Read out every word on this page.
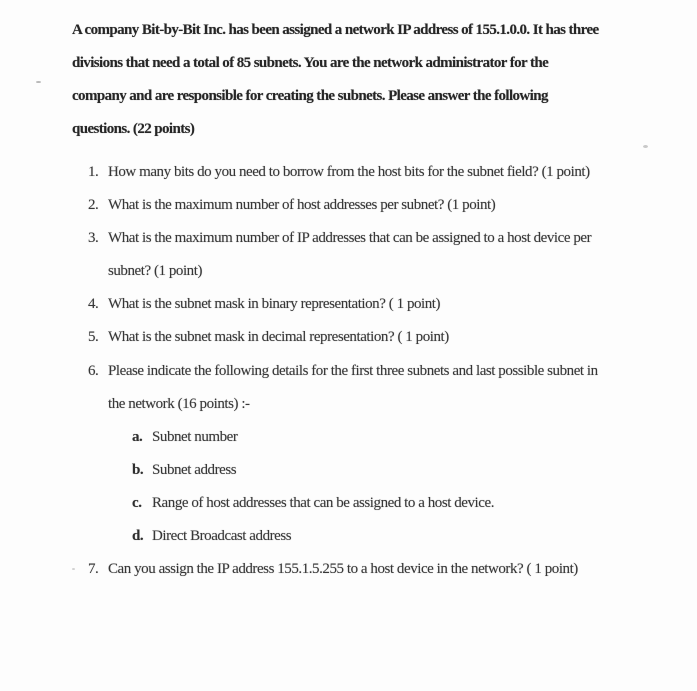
A company Bit-by-Bit Inc. has been assigned a network IP address of 155.1.0.0. It has three
divisions that need a total of 85 subnets. You are the network administrator for the
company and are responsible for creating the subnets. Please answer the following
questions. (22 points)
1. How many bits do you need to borrow from the host bits for the subnet field? (1 point)
2. What is the maximum number of host addresses per subnet? (1 point)
3. What is the maximum number of IP addresses that can be assigned to a host device per
subnet? (1 point)
4. What is the subnet mask in binary representation? ( 1 point)
5. What is the subnet mask in decimal representation? ( 1 point)
6. Please indicate the following details for the first three subnets and last possible subnet in
the network (16 points) :-
a. Subnet number
b. Subnet address
c. Range of host addresses that can be assigned to a host device.
d. Direct Broadcast address
7. Can you assign the IP address 155.1.5.255 to a host device in the network? ( 1 point)
